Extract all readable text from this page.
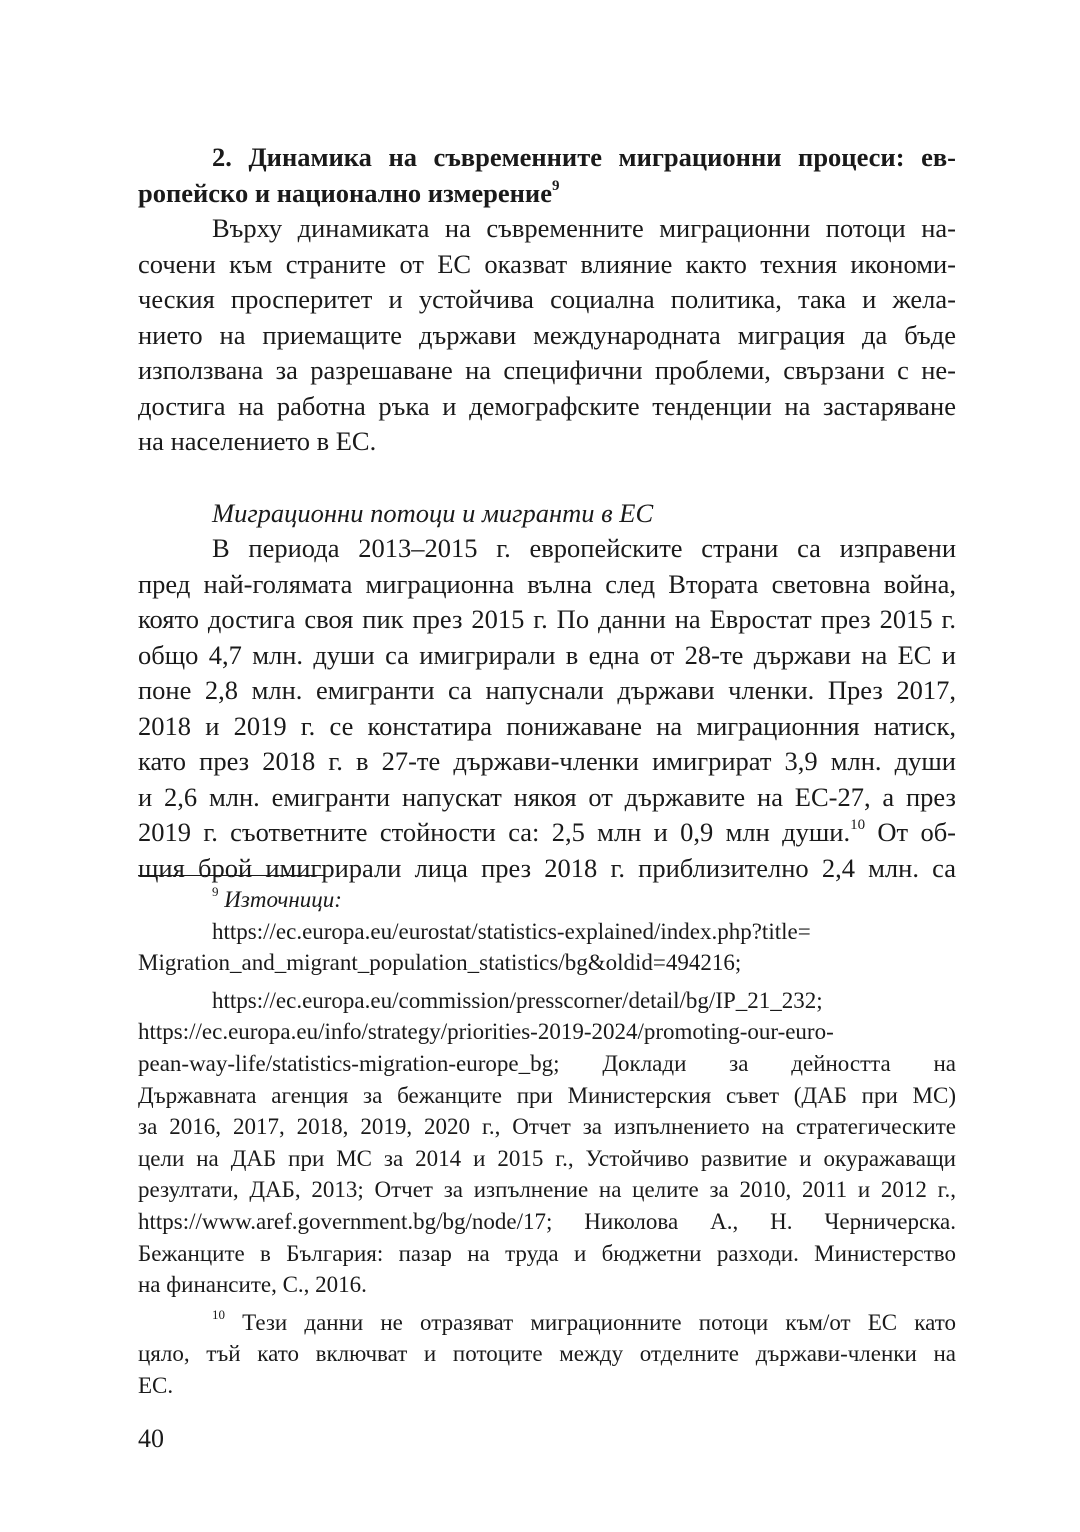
2. Динамика на съвременните миграционни процеси: ев-
ропейско и национално измерение$^9$
Върху динамиката на съвременните миграционни потоци на-
сочени към страните от ЕС оказват влияние както техния икономи-
ческия просперитет и устойчива социална политика, така и жела-
нието на приемащите държави международната миграция да бъде
използвана за разрешаване на специфични проблеми, свързани с не-
достига на работна ръка и демографските тенденции на застаряване
на населението в ЕС.
Миграционни потоци и мигранти в ЕС
В периода 2013–2015 г. европейските страни са изправени
пред най-голямата миграционна вълна след Втората световна война,
която достига своя пик през 2015 г. По данни на Евростат през 2015 г.
общо 4,7 млн. души са имигрирали в една от 28-те държави на ЕС и
поне 2,8 млн. емигранти са напуснали държави членки. През 2017,
2018 и 2019 г. се констатира понижаване на миграционния натиск,
като през 2018 г. в 27-те държави-членки имигрират 3,9 млн. души
и 2,6 млн. емигранти напускат някоя от държавите на ЕС-27, а през
2019 г. съответните стойности са: 2,5 млн и 0,9 млн души.$^{10}$ От об-
щия брой имигрирали лица през 2018 г. приблизително 2,4 млн. са
$^9$ Източници:
https://ec.europa.eu/eurostat/statistics-explained/index.php?title=
Migration_and_migrant_population_statistics/bg&oldid=494216;
https://ec.europa.eu/commission/presscorner/detail/bg/IP_21_232;
https://ec.europa.eu/info/strategy/priorities-2019-2024/promoting-our-euro-
pean-way-life/statistics-migration-europe_bg; Доклади за дейността на
Държавната агенция за бежанците при Министерския съвет (ДАБ при МС)
за 2016, 2017, 2018, 2019, 2020 г., Отчет за изпълнението на стратегическите
цели на ДАБ при МС за 2014 и 2015 г., Устойчиво развитие и окуражаващи
резултати, ДАБ, 2013; Отчет за изпълнение на целите за 2010, 2011 и 2012 г.,
https://www.aref.government.bg/bg/node/17; Николова А., Н. Черничерска.
Бежанците в България: пазар на труда и бюджетни разходи. Министерство
на финансите, С., 2016.
$^{10}$ Тези данни не отразяват миграционните потоци към/от ЕС като
цяло, тъй като включват и потоците между отделните държави-членки на
ЕС.
40
